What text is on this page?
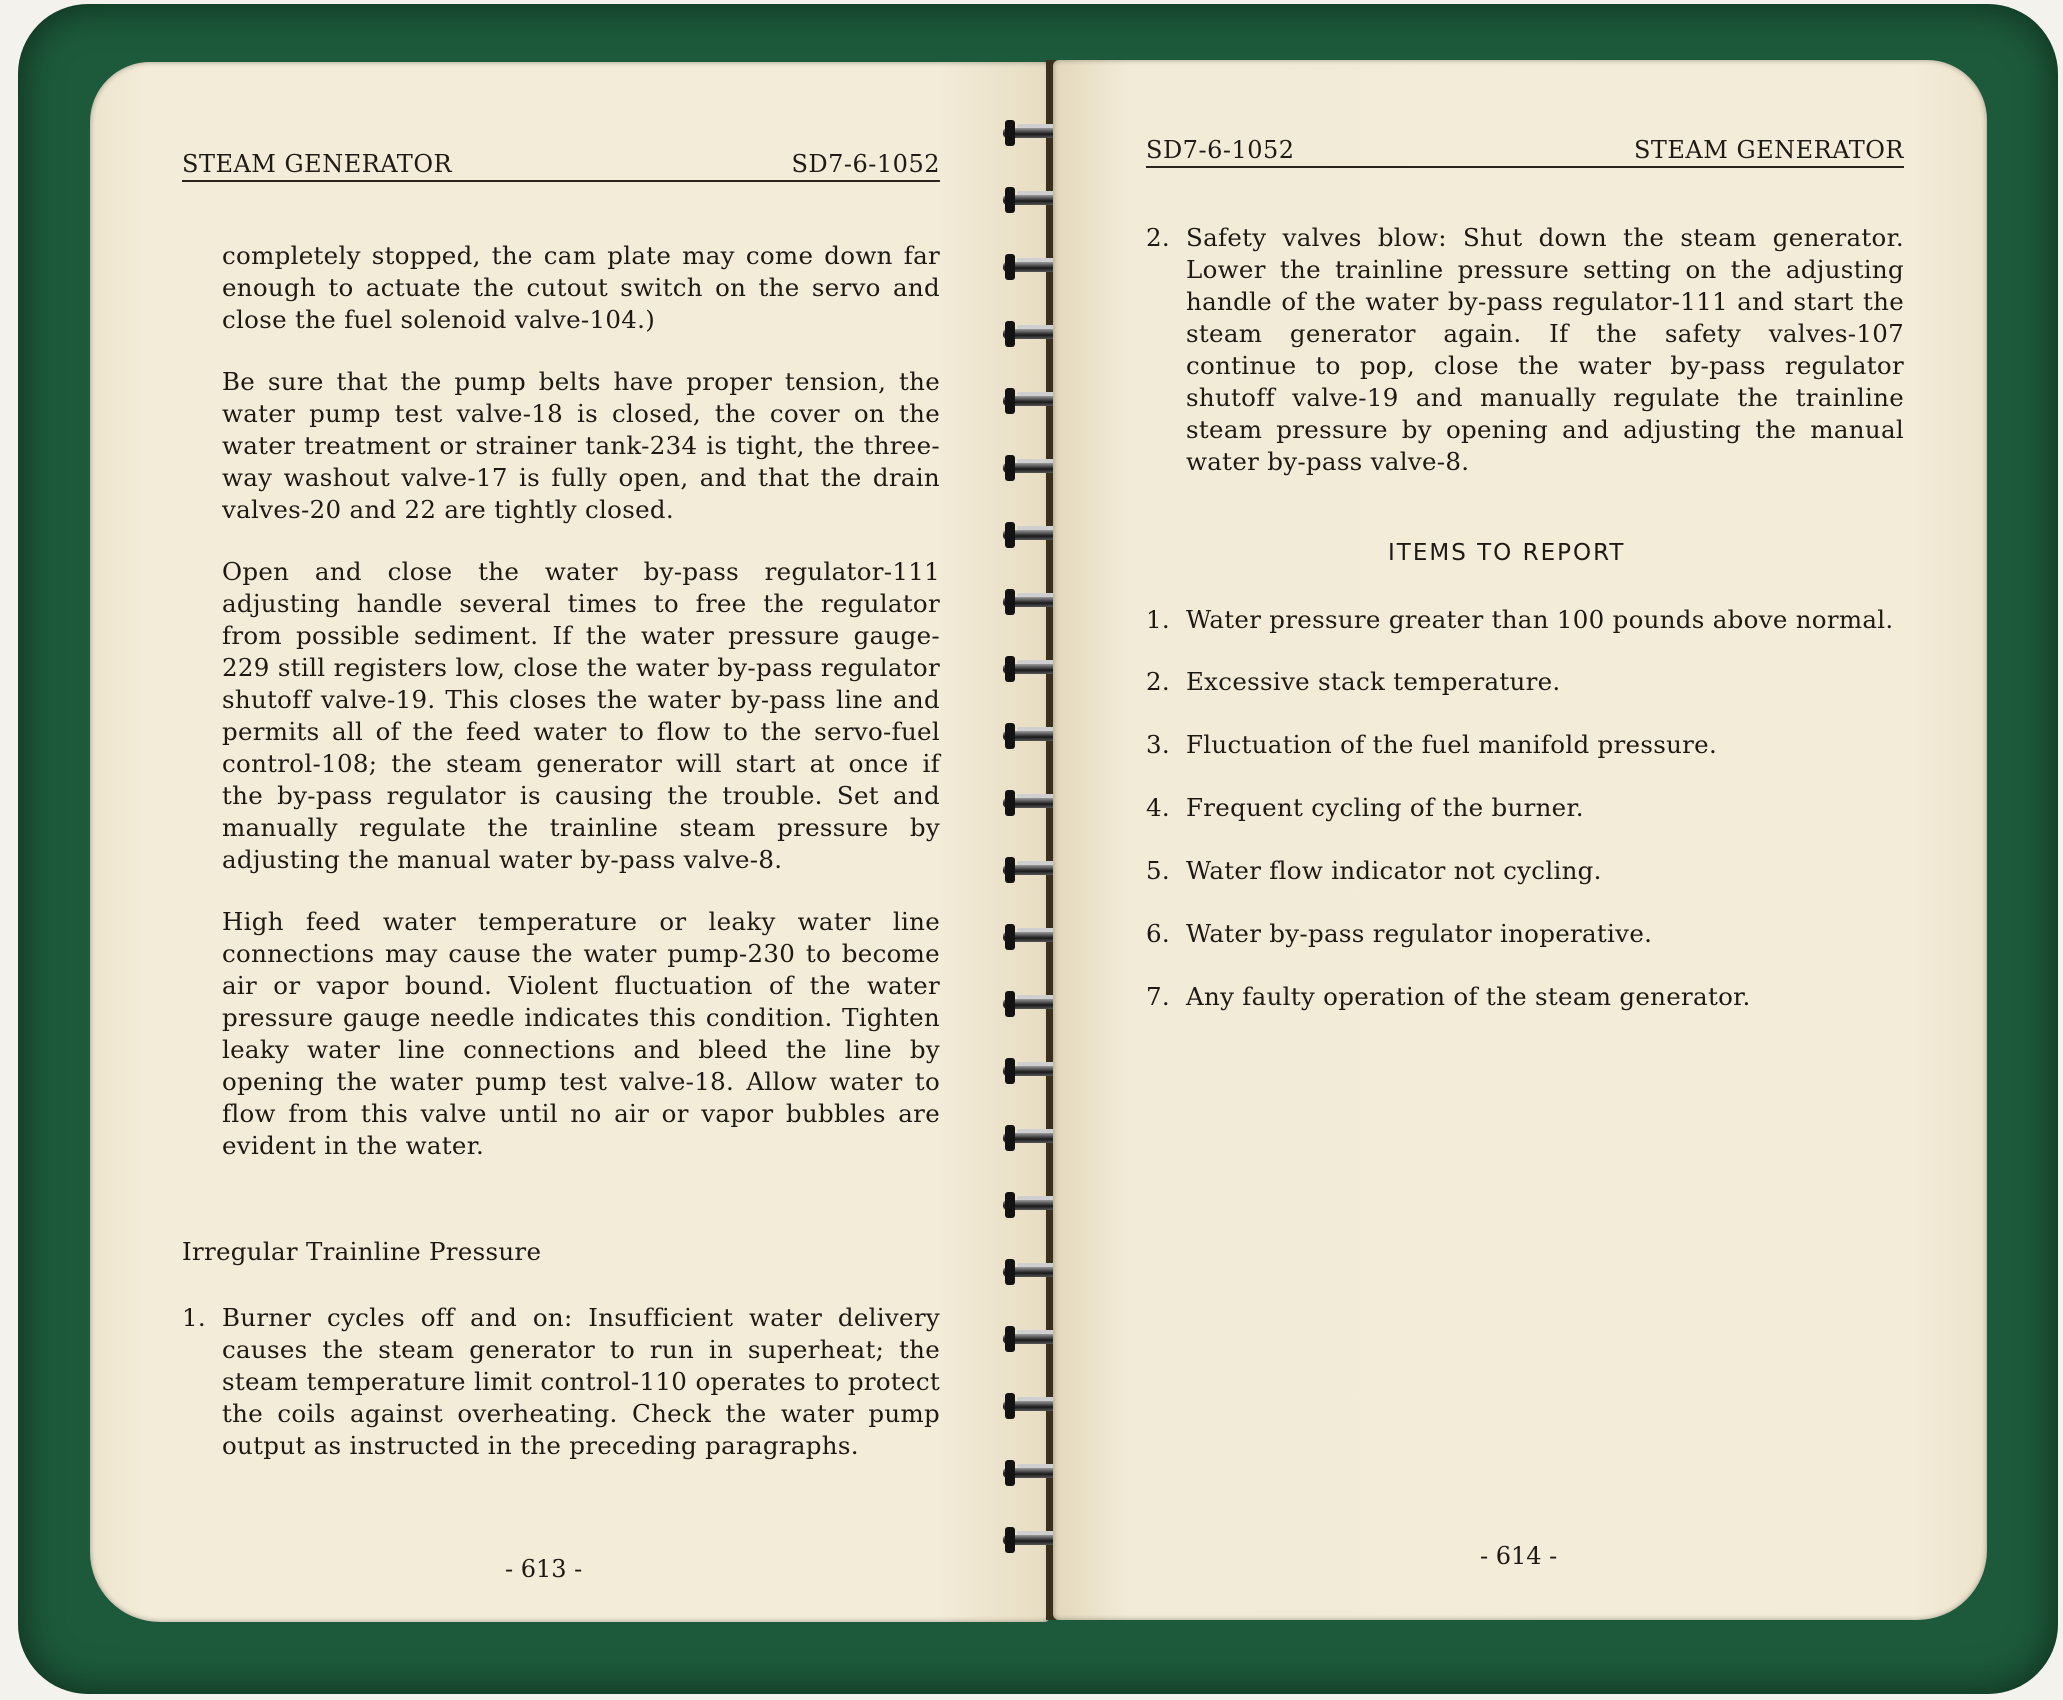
STEAM GENERATOR	SD7-6-1052

completely stopped, the cam plate may come down far enough to actuate the cutout switch on the servo and close the fuel solenoid valve-104.)

Be sure that the pump belts have proper tension, the water pump test valve-18 is closed, the cover on the water treatment or strainer tank-234 is tight, the three-way washout valve-17 is fully open, and that the drain valves-20 and 22 are tightly closed.

Open and close the water by-pass regulator-111 adjusting handle several times to free the regulator from possible sediment. If the water pressure gauge-229 still registers low, close the water by-pass regulator shutoff valve-19. This closes the water by-pass line and permits all of the feed water to flow to the servo-fuel control-108; the steam generator will start at once if the by-pass regulator is causing the trouble. Set and manually regulate the trainline steam pressure by adjusting the manual water by-pass valve-8.

High feed water temperature or leaky water line connections may cause the water pump-230 to become air or vapor bound. Violent fluctuation of the water pressure gauge needle indicates this condition. Tighten leaky water line connections and bleed the line by opening the water pump test valve-18. Allow water to flow from this valve until no air or vapor bubbles are evident in the water.

Irregular Trainline Pressure
1. Burner cycles off and on: Insufficient water delivery causes the steam generator to run in superheat; the steam temperature limit control-110 operates to protect the coils against overheating. Check the water pump output as instructed in the preceding paragraphs.
- 613 -
SD7-6-1052	STEAM GENERATOR
2. Safety valves blow: Shut down the steam generator. Lower the trainline pressure setting on the adjusting handle of the water by-pass regulator-111 and start the steam generator again. If the safety valves-107 continue to pop, close the water by-pass regulator shutoff valve-19 and manually regulate the trainline steam pressure by opening and adjusting the manual water by-pass valve-8.
ITEMS TO REPORT
1. Water pressure greater than 100 pounds above normal.
2. Excessive stack temperature.
3. Fluctuation of the fuel manifold pressure.
4. Frequent cycling of the burner.
5. Water flow indicator not cycling.
6. Water by-pass regulator inoperative.
7. Any faulty operation of the steam generator.
- 614 -
